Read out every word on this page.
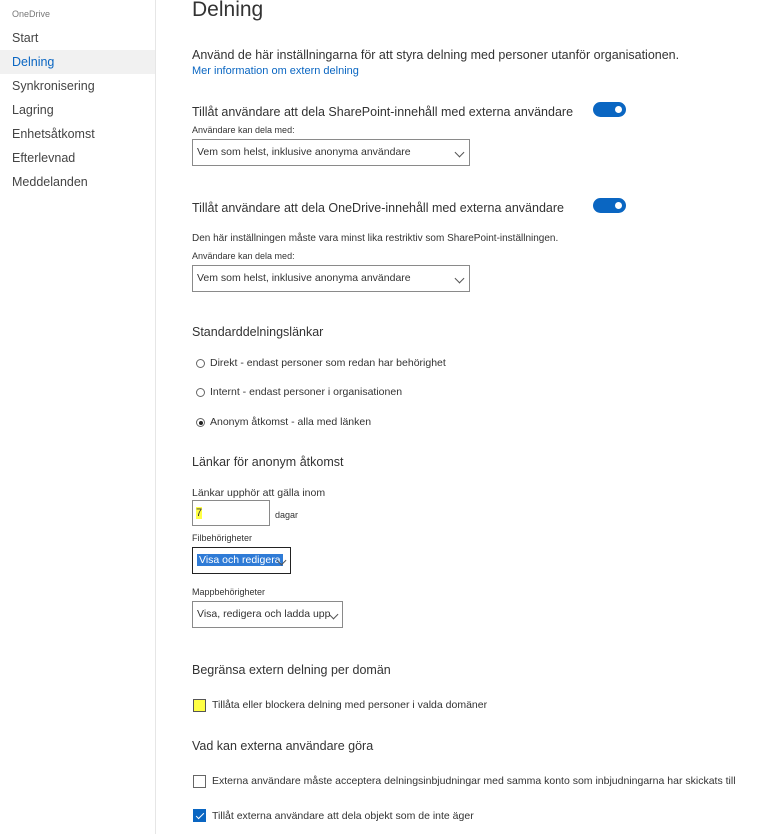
OneDrive
Start
Delning
Synkronisering
Lagring
Enhetsåtkomst
Efterlevnad
Meddelanden
Delning
Använd de här inställningarna för att styra delning med personer utanför organisationen.
Mer information om extern delning
Tillåt användare att dela SharePoint-innehåll med externa användare
Användare kan dela med:
Vem som helst, inklusive anonyma användare
Tillåt användare att dela OneDrive-innehåll med externa användare
Den här inställningen måste vara minst lika restriktiv som SharePoint-inställningen.
Användare kan dela med:
Vem som helst, inklusive anonyma användare
Standarddelningslänkar
Direkt - endast personer som redan har behörighet
Internt - endast personer i organisationen
Anonym åtkomst - alla med länken
Länkar för anonym åtkomst
Länkar upphör att gälla inom
7	dagar
Filbehörigheter
Visa och redigera
Mappbehörigheter
Visa, redigera och ladda upp
Begränsa extern delning per domän
Tillåta eller blockera delning med personer i valda domäner
Vad kan externa användare göra
Externa användare måste acceptera delningsinbjudningar med samma konto som inbjudningarna har skickats till
Tillåt externa användare att dela objekt som de inte äger
